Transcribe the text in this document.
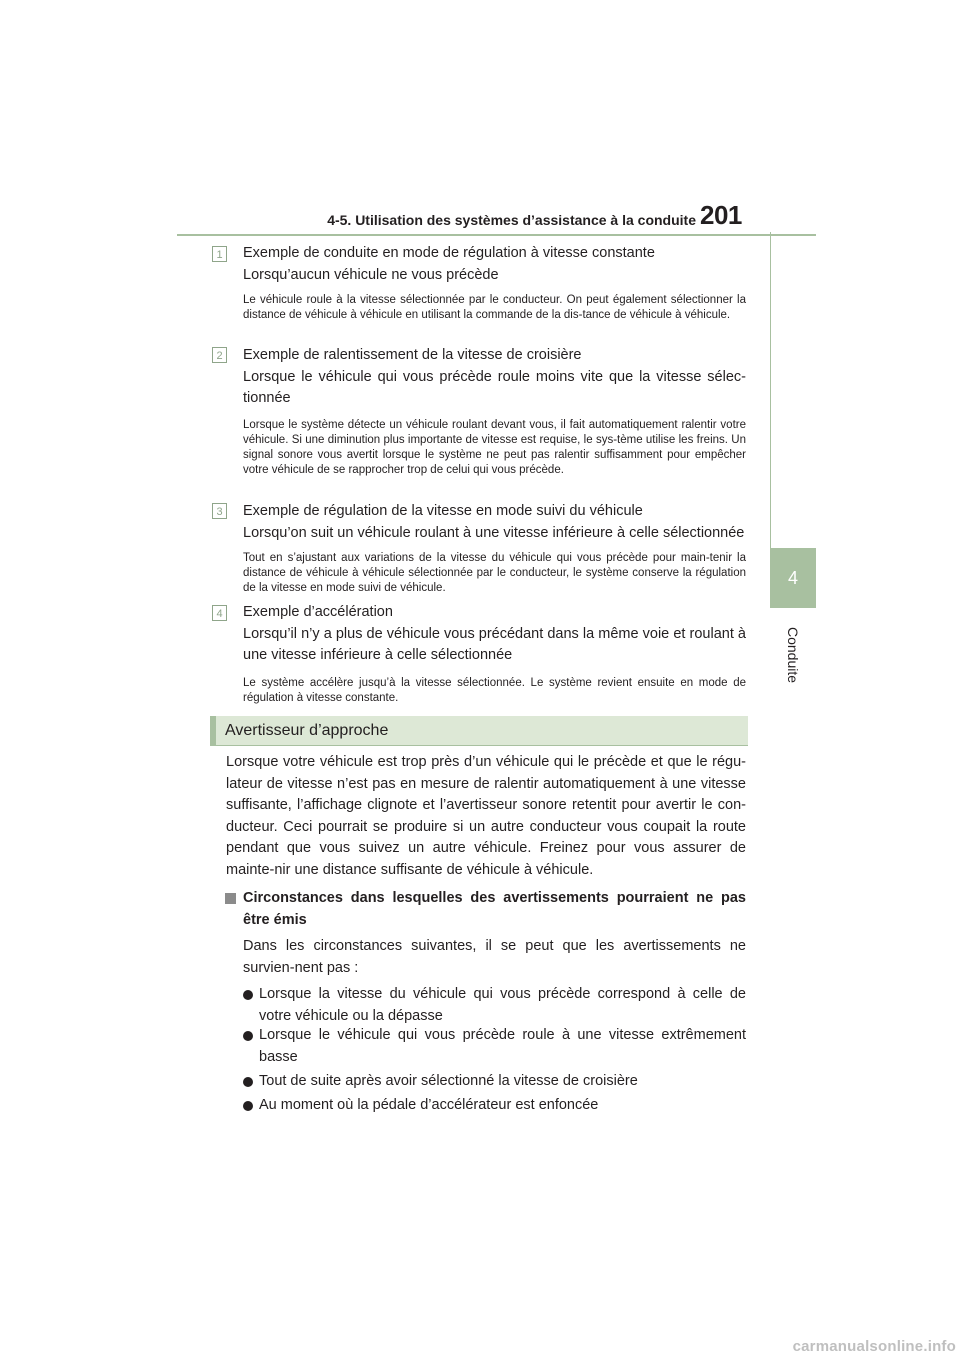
4-5. Utilisation des systèmes d’assistance à la conduite 201
4
Conduite
1	Exemple de conduite en mode de régulation à vitesse constante
Lorsqu’aucun véhicule ne vous précède
Le véhicule roule à la vitesse sélectionnée par le conducteur. On peut également sélectionner la distance de véhicule à véhicule en utilisant la commande de la dis-tance de véhicule à véhicule.
2	Exemple de ralentissement de la vitesse de croisière
Lorsque le véhicule qui vous précède roule moins vite que la vitesse sélec-tionnée
Lorsque le système détecte un véhicule roulant devant vous, il fait automatiquement ralentir votre véhicule. Si une diminution plus importante de vitesse est requise, le sys-tème utilise les freins. Un signal sonore vous avertit lorsque le système ne peut pas ralentir suffisamment pour empêcher votre véhicule de se rapprocher trop de celui qui vous précède.
3	Exemple de régulation de la vitesse en mode suivi du véhicule
Lorsqu’on suit un véhicule roulant à une vitesse inférieure à celle sélectionnée
Tout en s’ajustant aux variations de la vitesse du véhicule qui vous précède pour main-tenir la distance de véhicule à véhicule sélectionnée par le conducteur, le système conserve la régulation de la vitesse en mode suivi de véhicule.
4	Exemple d’accélération
Lorsqu’il n’y a plus de véhicule vous précédant dans la même voie et roulant à une vitesse inférieure à celle sélectionnée
Le système accélère jusqu’à la vitesse sélectionnée. Le système revient ensuite en mode de régulation à vitesse constante.
Avertisseur d’approche
Lorsque votre véhicule est trop près d’un véhicule qui le précède et que le régu-lateur de vitesse n’est pas en mesure de ralentir automatiquement à une vitesse suffisante, l’affichage clignote et l’avertisseur sonore retentit pour avertir le con-ducteur. Ceci pourrait se produire si un autre conducteur vous coupait la route pendant que vous suivez un autre véhicule. Freinez pour vous assurer de mainte-nir une distance suffisante de véhicule à véhicule.
Circonstances dans lesquelles des avertissements pourraient ne pas être émis
Dans les circonstances suivantes, il se peut que les avertissements ne survien-nent pas :
Lorsque la vitesse du véhicule qui vous précède correspond à celle de votre véhicule ou la dépasse
Lorsque le véhicule qui vous précède roule à une vitesse extrêmement basse
Tout de suite après avoir sélectionné la vitesse de croisière
Au moment où la pédale d’accélérateur est enfoncée
carmanualsonline.info
